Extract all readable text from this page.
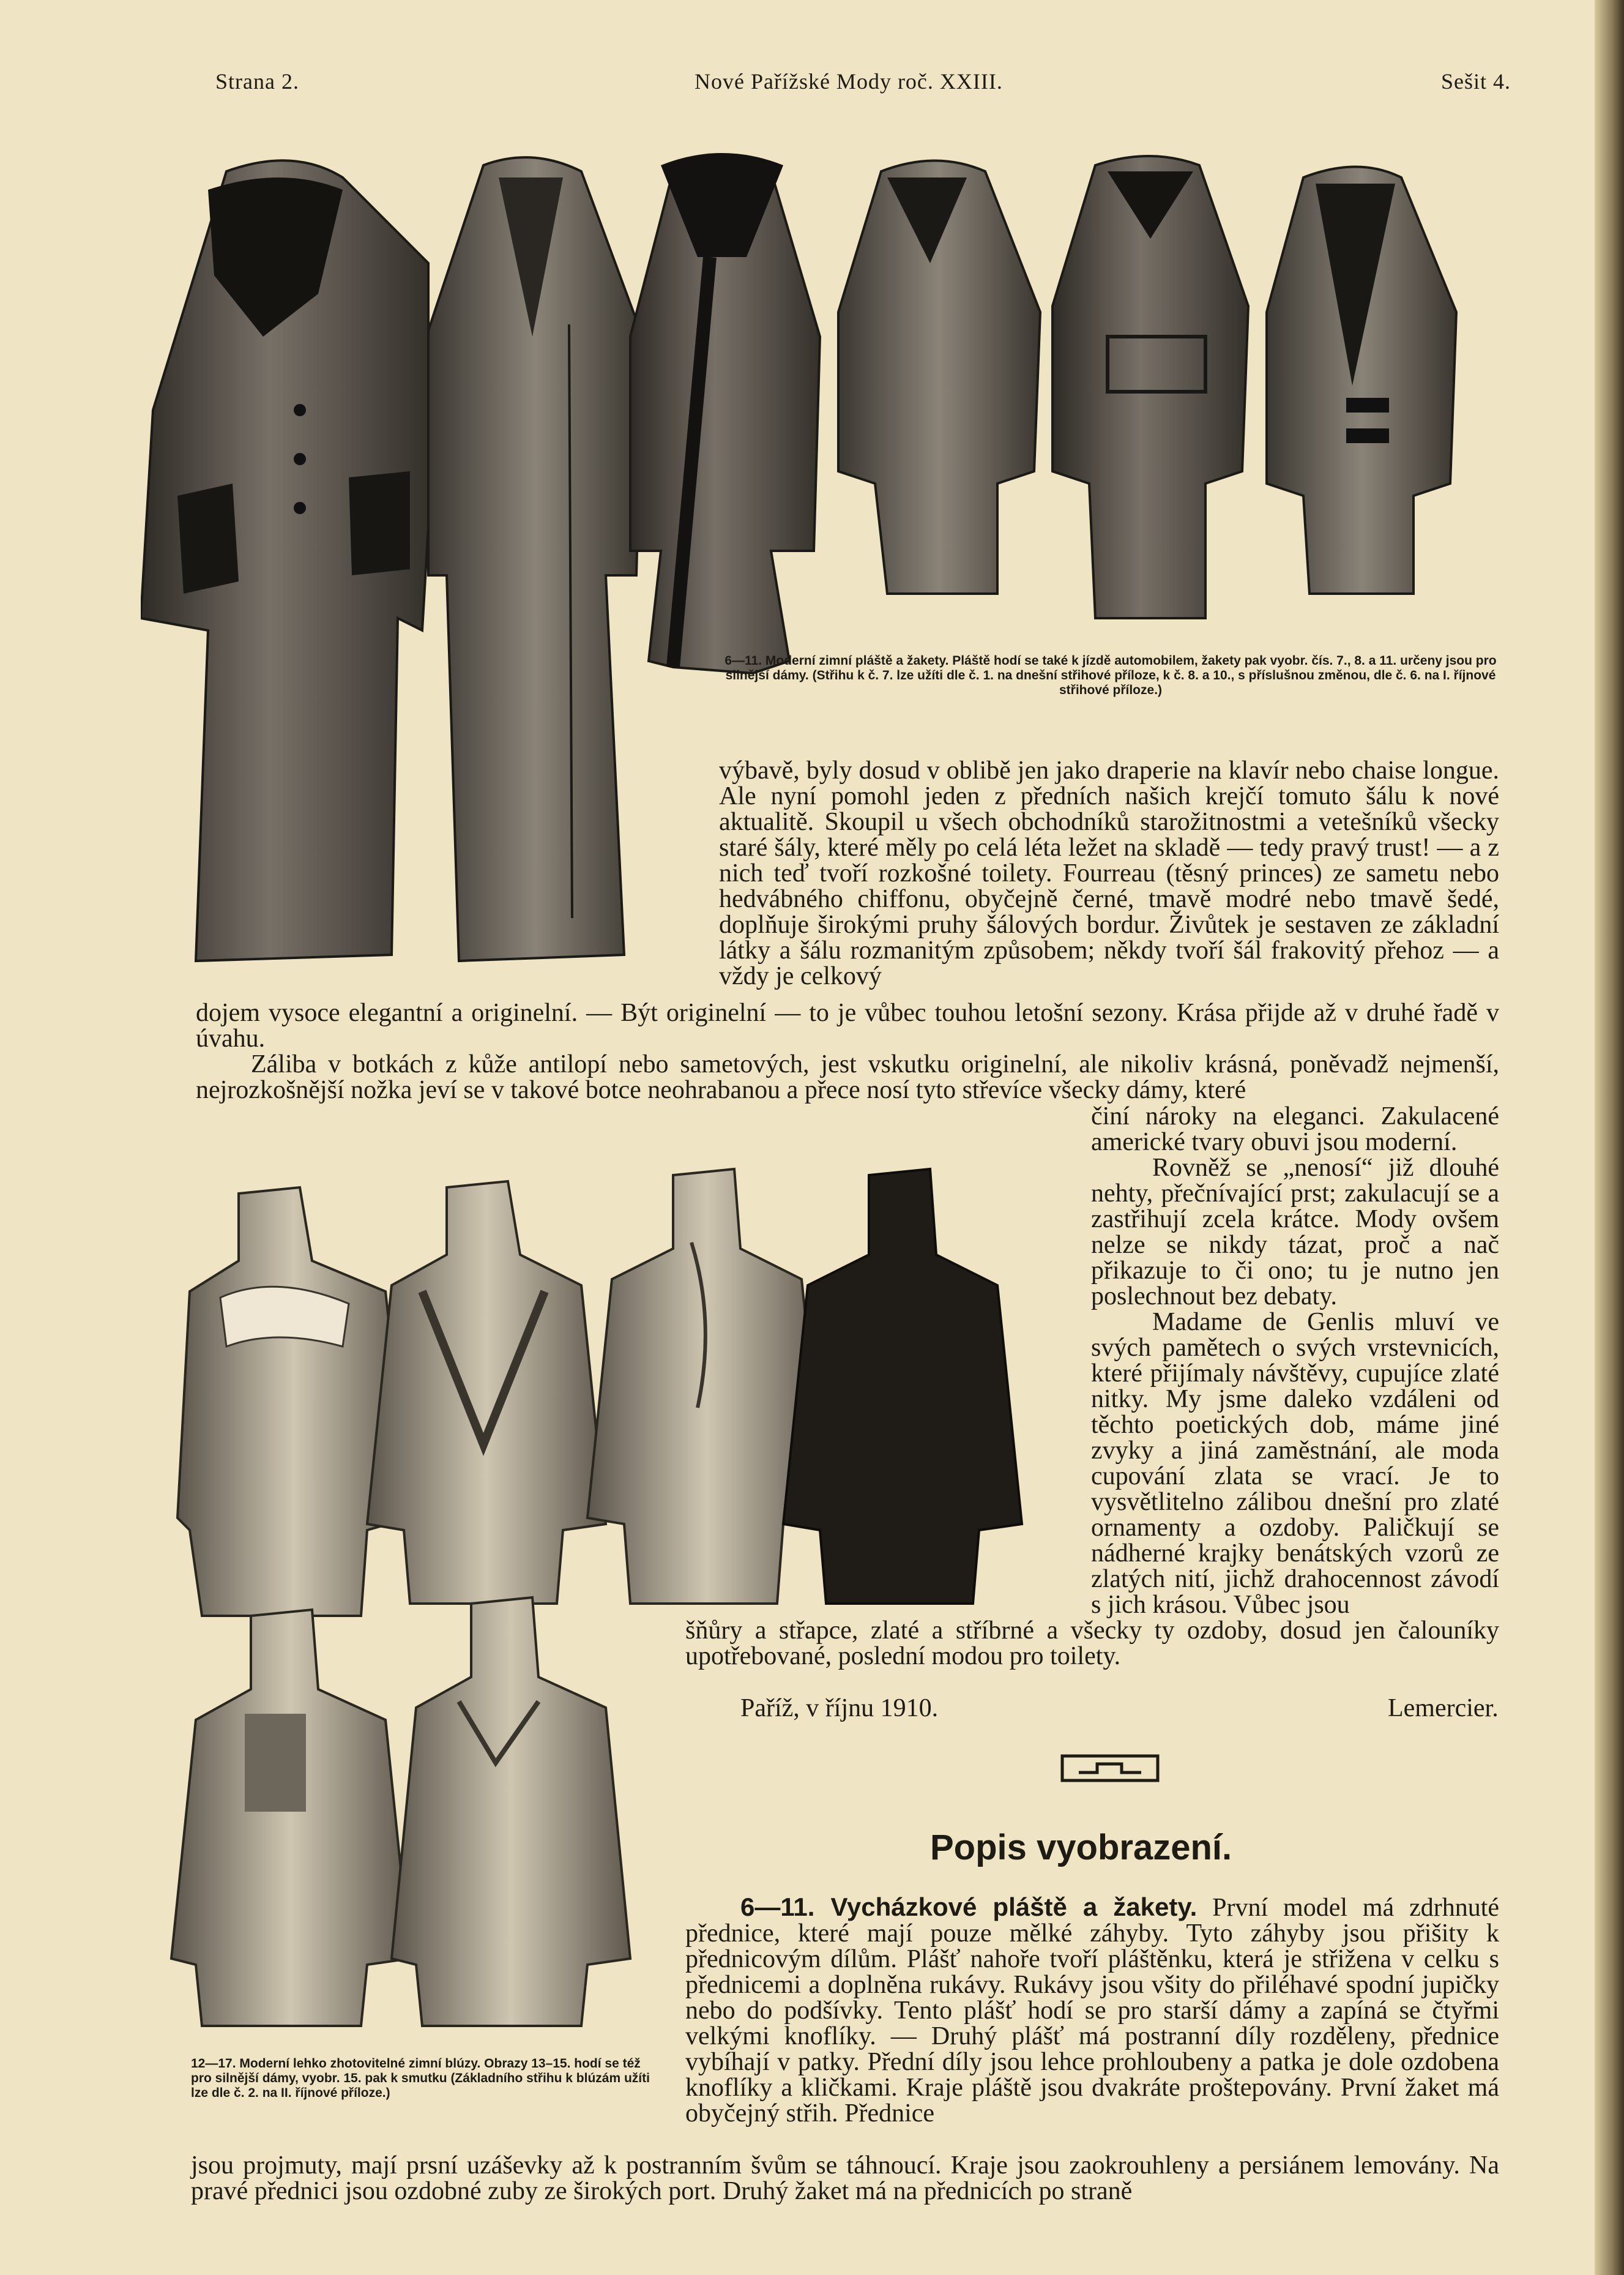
Strana 2.	Nové Pařížské Mody roč. XXIII.	Sešit 4.
6—11. Moderní zimní pláště a žakety. Pláště hodí se také k jízdě automobilem, žakety pak vyobr. čís. 7., 8. a 11. určeny jsou pro silnější dámy. (Střihu k č. 7. lze užíti dle č. 1. na dnešní střihové příloze, k č. 8. a 10., s příslušnou změnou, dle č. 6. na I. říjnové střihové příloze.)
výbavě, byly dosud v oblibě jen jako draperie na klavír nebo chaise longue. Ale nyní pomohl jeden z předních našich krejčí tomuto šálu k nové aktualitě. Skoupil u všech obchodníků starožitnostmi a vetešníků všecky staré šály, které měly po celá léta ležet na skladě — tedy pravý trust! — a z nich teď tvoří rozkošné toilety. Fourreau (těsný princes) ze sametu nebo hedvábného chiffonu, obyčejně černé, tmavě modré nebo tmavě šedé, doplňuje širokými pruhy šálových bordur. Živůtek je sestaven ze základní látky a šálu rozmanitým způsobem; někdy tvoří šál frakovitý přehoz — a vždy je celkový
dojem vysoce elegantní a originelní. — Být originelní — to je vůbec touhou letošní sezony. Krása přijde až v druhé řadě v úvahu.
Záliba v botkách z kůže antilopí nebo sametových, jest vskutku originelní, ale nikoliv krásná, poněvadž nejmenší, nejrozkošnější nožka jeví se v takové botce neohrabanou a přece nosí tyto střevíce všecky dámy, které
činí nároky na eleganci. Zakulacené americké tvary obuvi jsou moderní.
Rovněž se „nenosí“ již dlouhé nehty, přečnívající prst; zakulacují se a zastřihují zcela krátce. Mody ovšem nelze se nikdy tázat, proč a nač přikazuje to či ono; tu je nutno jen poslechnout bez debaty.
Madame de Genlis mluví ve svých pamětech o svých vrstevnicích, které přijímaly návštěvy, cupujíce zlaté nitky. My jsme daleko vzdáleni od těchto poetických dob, máme jiné zvyky a jiná zaměstnání, ale moda cupování zlata se vrací. Je to vysvětlitelno zálibou dnešní pro zlaté ornamenty a ozdoby. Paličkují se nádherné krajky benátských vzorů ze zlatých nití, jichž drahocennost závodí s jich krásou. Vůbec jsou
šňůry a střapce, zlaté a stříbrné a všecky ty ozdoby, dosud jen čalouníky upotřebované, poslední modou pro toilety.
Paříž, v říjnu 1910.	Lemercier.
Popis vyobrazení.
6—11. Vycházkové pláště a žakety. První model má zdrhnuté přednice, které mají pouze mělké záhyby. Tyto záhyby jsou přišity k přednicovým dílům. Plášť nahoře tvoří pláštěnku, která je střižena v celku s přednicemi a doplněna rukávy. Rukávy jsou všity do přiléhavé spodní jupičky nebo do podšívky. Tento plášť hodí se pro starší dámy a zapíná se čtyřmi velkými knoflíky. — Druhý plášť má postranní díly rozděleny, přednice vybíhají v patky. Přední díly jsou lehce prohloubeny a patka je dole ozdobena knoflíky a kličkami. Kraje pláště jsou dvakráte proštepovány. První žaket má obyčejný střih. Přednice
12—17. Moderní lehko zhotovitelné zimní blúzy. Obrazy 13–15. hodí se též pro silnější dámy, vyobr. 15. pak k smutku (Základního střihu k blúzám užíti lze dle č. 2. na II. říjnové příloze.)
jsou projmuty, mají prsní uzáševky až k postranním švům se táhnoucí. Kraje jsou zaokrouhleny a persiánem lemovány. Na pravé přednici jsou ozdobné zuby ze širokých port. Druhý žaket má na přednicích po straně
